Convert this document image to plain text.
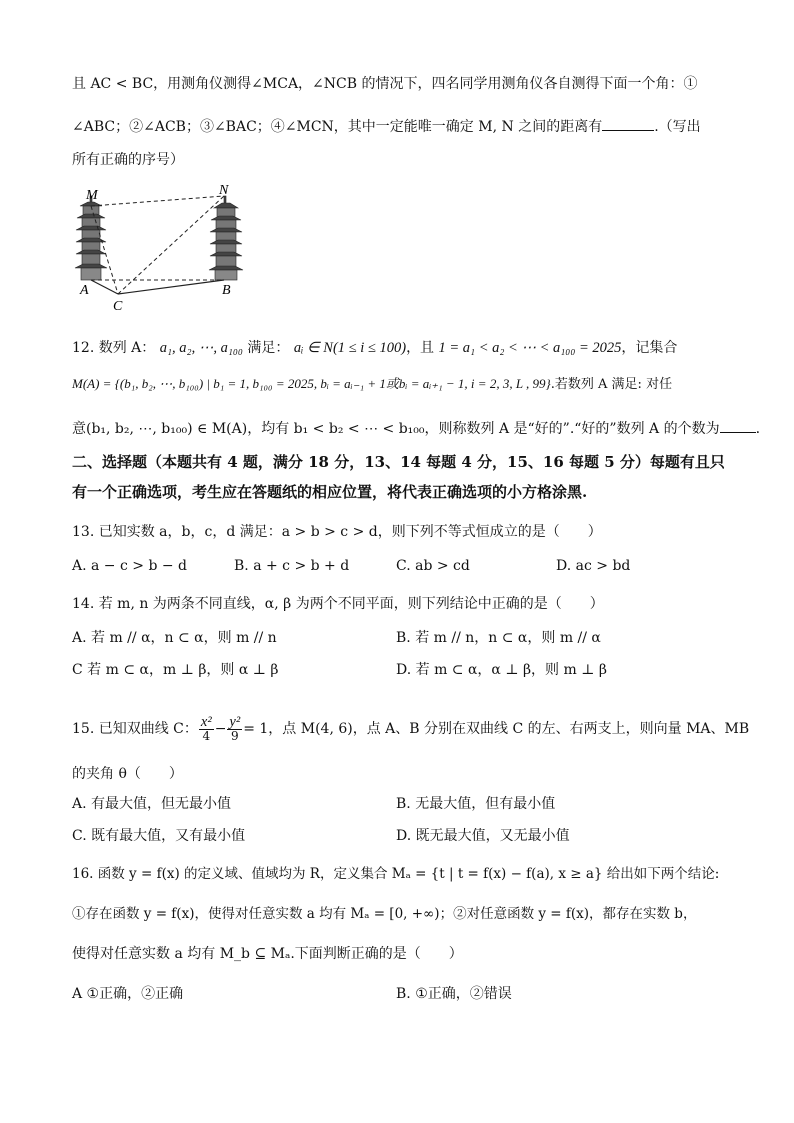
且 AC < BC，用测角仪测得∠MCA，∠NCB 的情况下，四名同学用测角仪各自测得下面一个角：①
∠ABC；②∠ACB；③∠BAC；④∠MCN，其中一定能唯一确定 M, N 之间的距离有	.（写出
所有正确的序号）
M	N
A	B
C
12. 数列 A： a₁, a₂, ⋯, a₁₀₀ 满足： aᵢ ∈ N(1 ≤ i ≤ 100)，且 1 = a₁ < a₂ < ⋯ < a₁₀₀ = 2025，记集合
M(A) = {(b₁, b₂, ⋯, b₁₀₀) | b₁ = 1, b₁₀₀ = 2025, bᵢ = aᵢ₋₁ + 1或bᵢ = aᵢ₊₁ − 1, i = 2, 3, L , 99}.若数列 A 满足: 对任
意(b₁, b₂, ⋯, b₁₀₀) ∈ M(A)，均有 b₁ < b₂ < ⋯ < b₁₀₀，则称数列 A 是“好的”.“好的”数列 A 的个数为	.
二、选择题（本题共有 4 题，满分 18 分，13、14 每题 4 分，15、16 每题 5 分）每题有且只
有一个正确选项，考生应在答题纸的相应位置，将代表正确选项的小方格涂黑.
13. 已知实数 a，b，c，d 满足：a > b > c > d，则下列不等式恒成立的是（　　）
A. a − c > b − d	B. a + c > b + d	C. ab > cd	D. ac > bd
14. 若 m, n 为两条不同直线，α, β 为两个不同平面，则下列结论中正确的是（　　）
A. 若 m // α，n ⊂ α，则 m // n	B. 若 m // n，n ⊂ α，则 m // α
C 若 m ⊂ α，m ⊥ β，则 α ⊥ β	D. 若 m ⊂ α，α ⊥ β，则 m ⊥ β
15. 已知双曲线 C： $\frac{\text{x²}}{4} - \frac{\text{y²}}{9} = 1$，点 M(4, 6)，点 A、B 分别在双曲线 C 的左、右两支上，则向量 MA、MB
的夹角 θ（　　）
A. 有最大值，但无最小值	B. 无最大值，但有最小值
C. 既有最大值，又有最小值	D. 既无最大值，又无最小值
16. 函数 y = f(x) 的定义域、值域均为 R，定义集合 Mₐ = {t | t = f(x) − f(a), x ≥ a} 给出如下两个结论:
①存在函数 y = f(x)，使得对任意实数 a 均有 Mₐ = [0, +∞)；②对任意函数 y = f(x)，都存在实数 b，
使得对任意实数 a 均有 M_b ⊆ Mₐ.下面判断正确的是（　　）
A ①正确，②正确	B. ①正确，②错误
